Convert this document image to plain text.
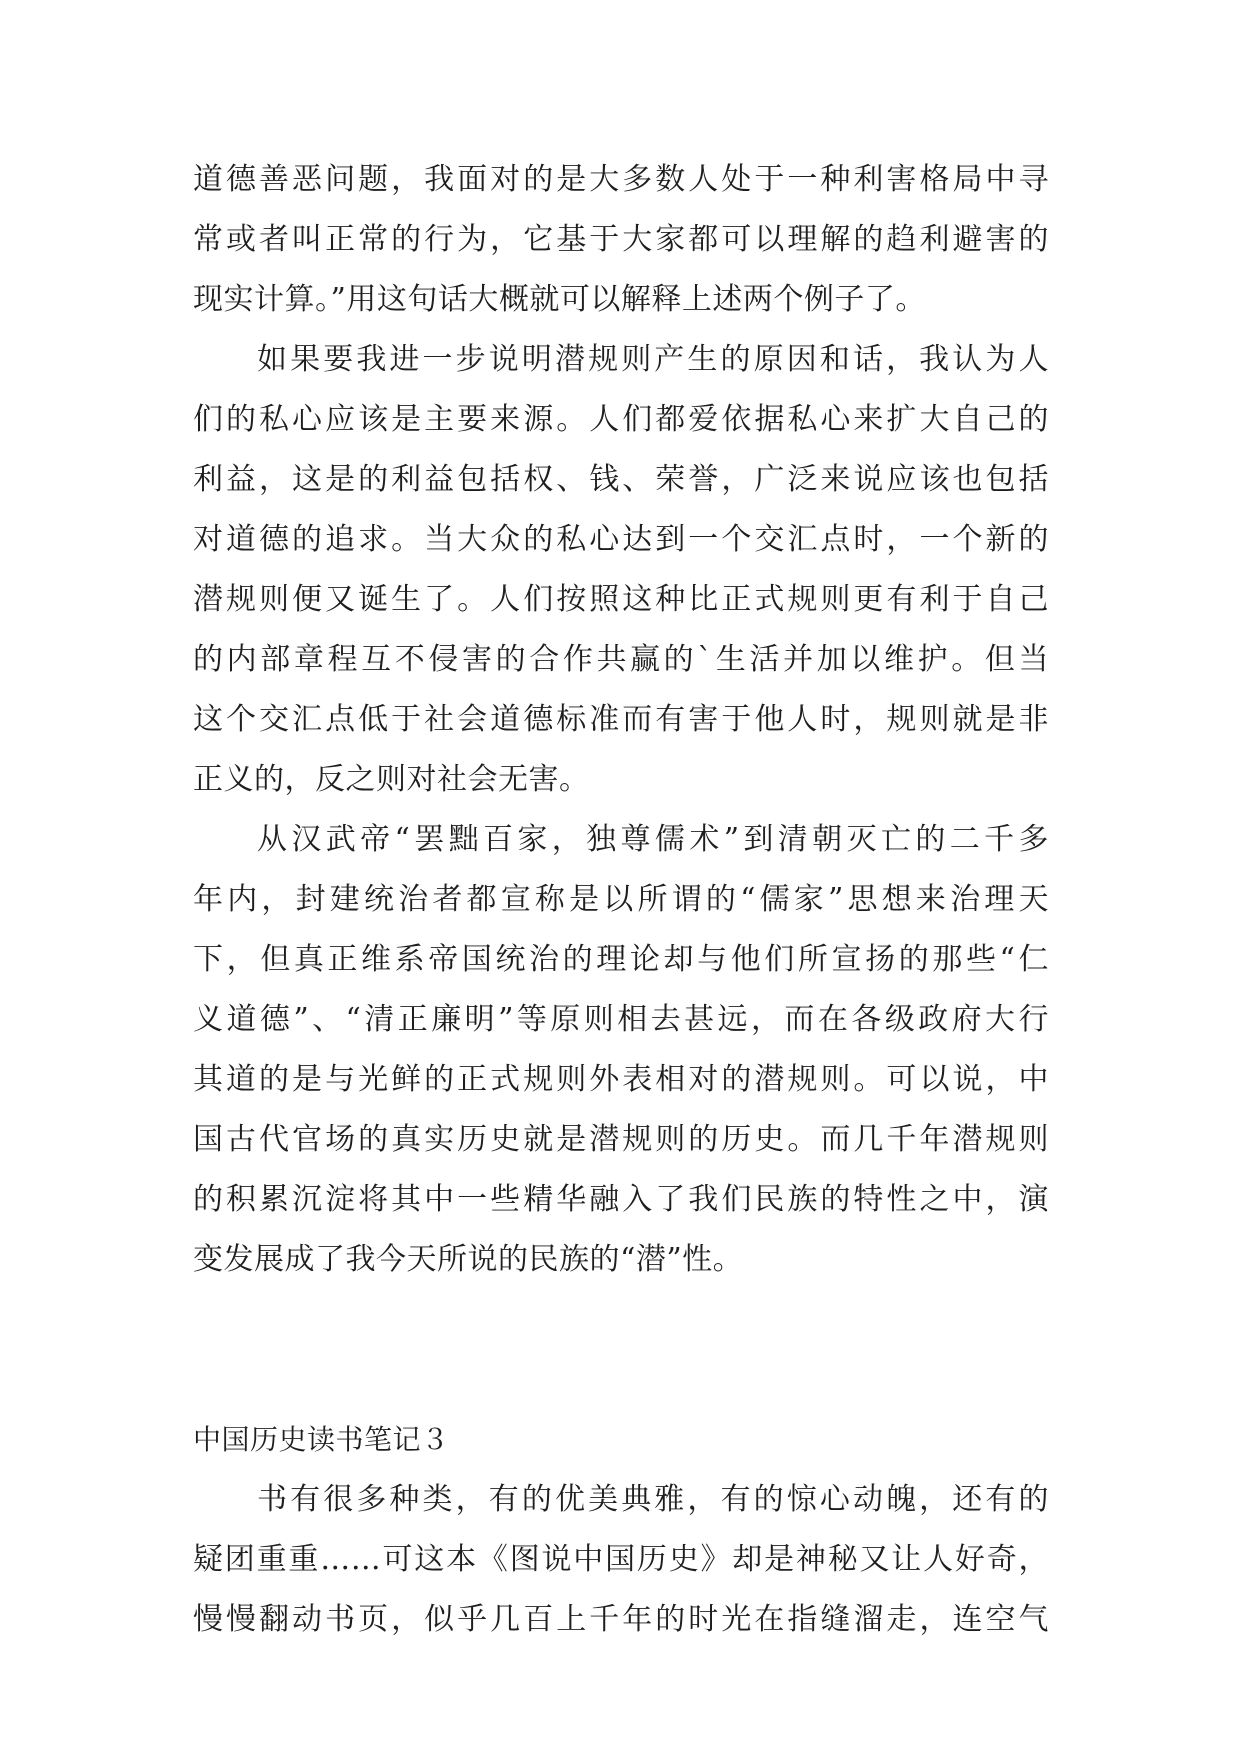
道德善恶问题，我面对的是大多数人处于一种利害格局中寻
常或者叫正常的行为，它基于大家都可以理解的趋利避害的
现实计算。”用这句话大概就可以解释上述两个例子了。
如果要我进一步说明潜规则产生的原因和话，我认为人
们的私心应该是主要来源。人们都爱依据私心来扩大自己的
利益，这是的利益包括权、钱、荣誉，广泛来说应该也包括
对道德的追求。当大众的私心达到一个交汇点时，一个新的
潜规则便又诞生了。人们按照这种比正式规则更有利于自己
的内部章程互不侵害的合作共赢的`生活并加以维护。但当
这个交汇点低于社会道德标准而有害于他人时，规则就是非
正义的，反之则对社会无害。
从汉武帝“罢黜百家，独尊儒术”到清朝灭亡的二千多
年内，封建统治者都宣称是以所谓的“儒家”思想来治理天
下，但真正维系帝国统治的理论却与他们所宣扬的那些“仁
义道德”、“清正廉明”等原则相去甚远，而在各级政府大行
其道的是与光鲜的正式规则外表相对的潜规则。可以说，中
国古代官场的真实历史就是潜规则的历史。而几千年潜规则
的积累沉淀将其中一些精华融入了我们民族的特性之中，演
变发展成了我今天所说的民族的“潜”性。
中国历史读书笔记３
书有很多种类，有的优美典雅，有的惊心动魄，还有的
疑团重重……可这本《图说中国历史》却是神秘又让人好奇，
慢慢翻动书页，似乎几百上千年的时光在指缝溜走，连空气
